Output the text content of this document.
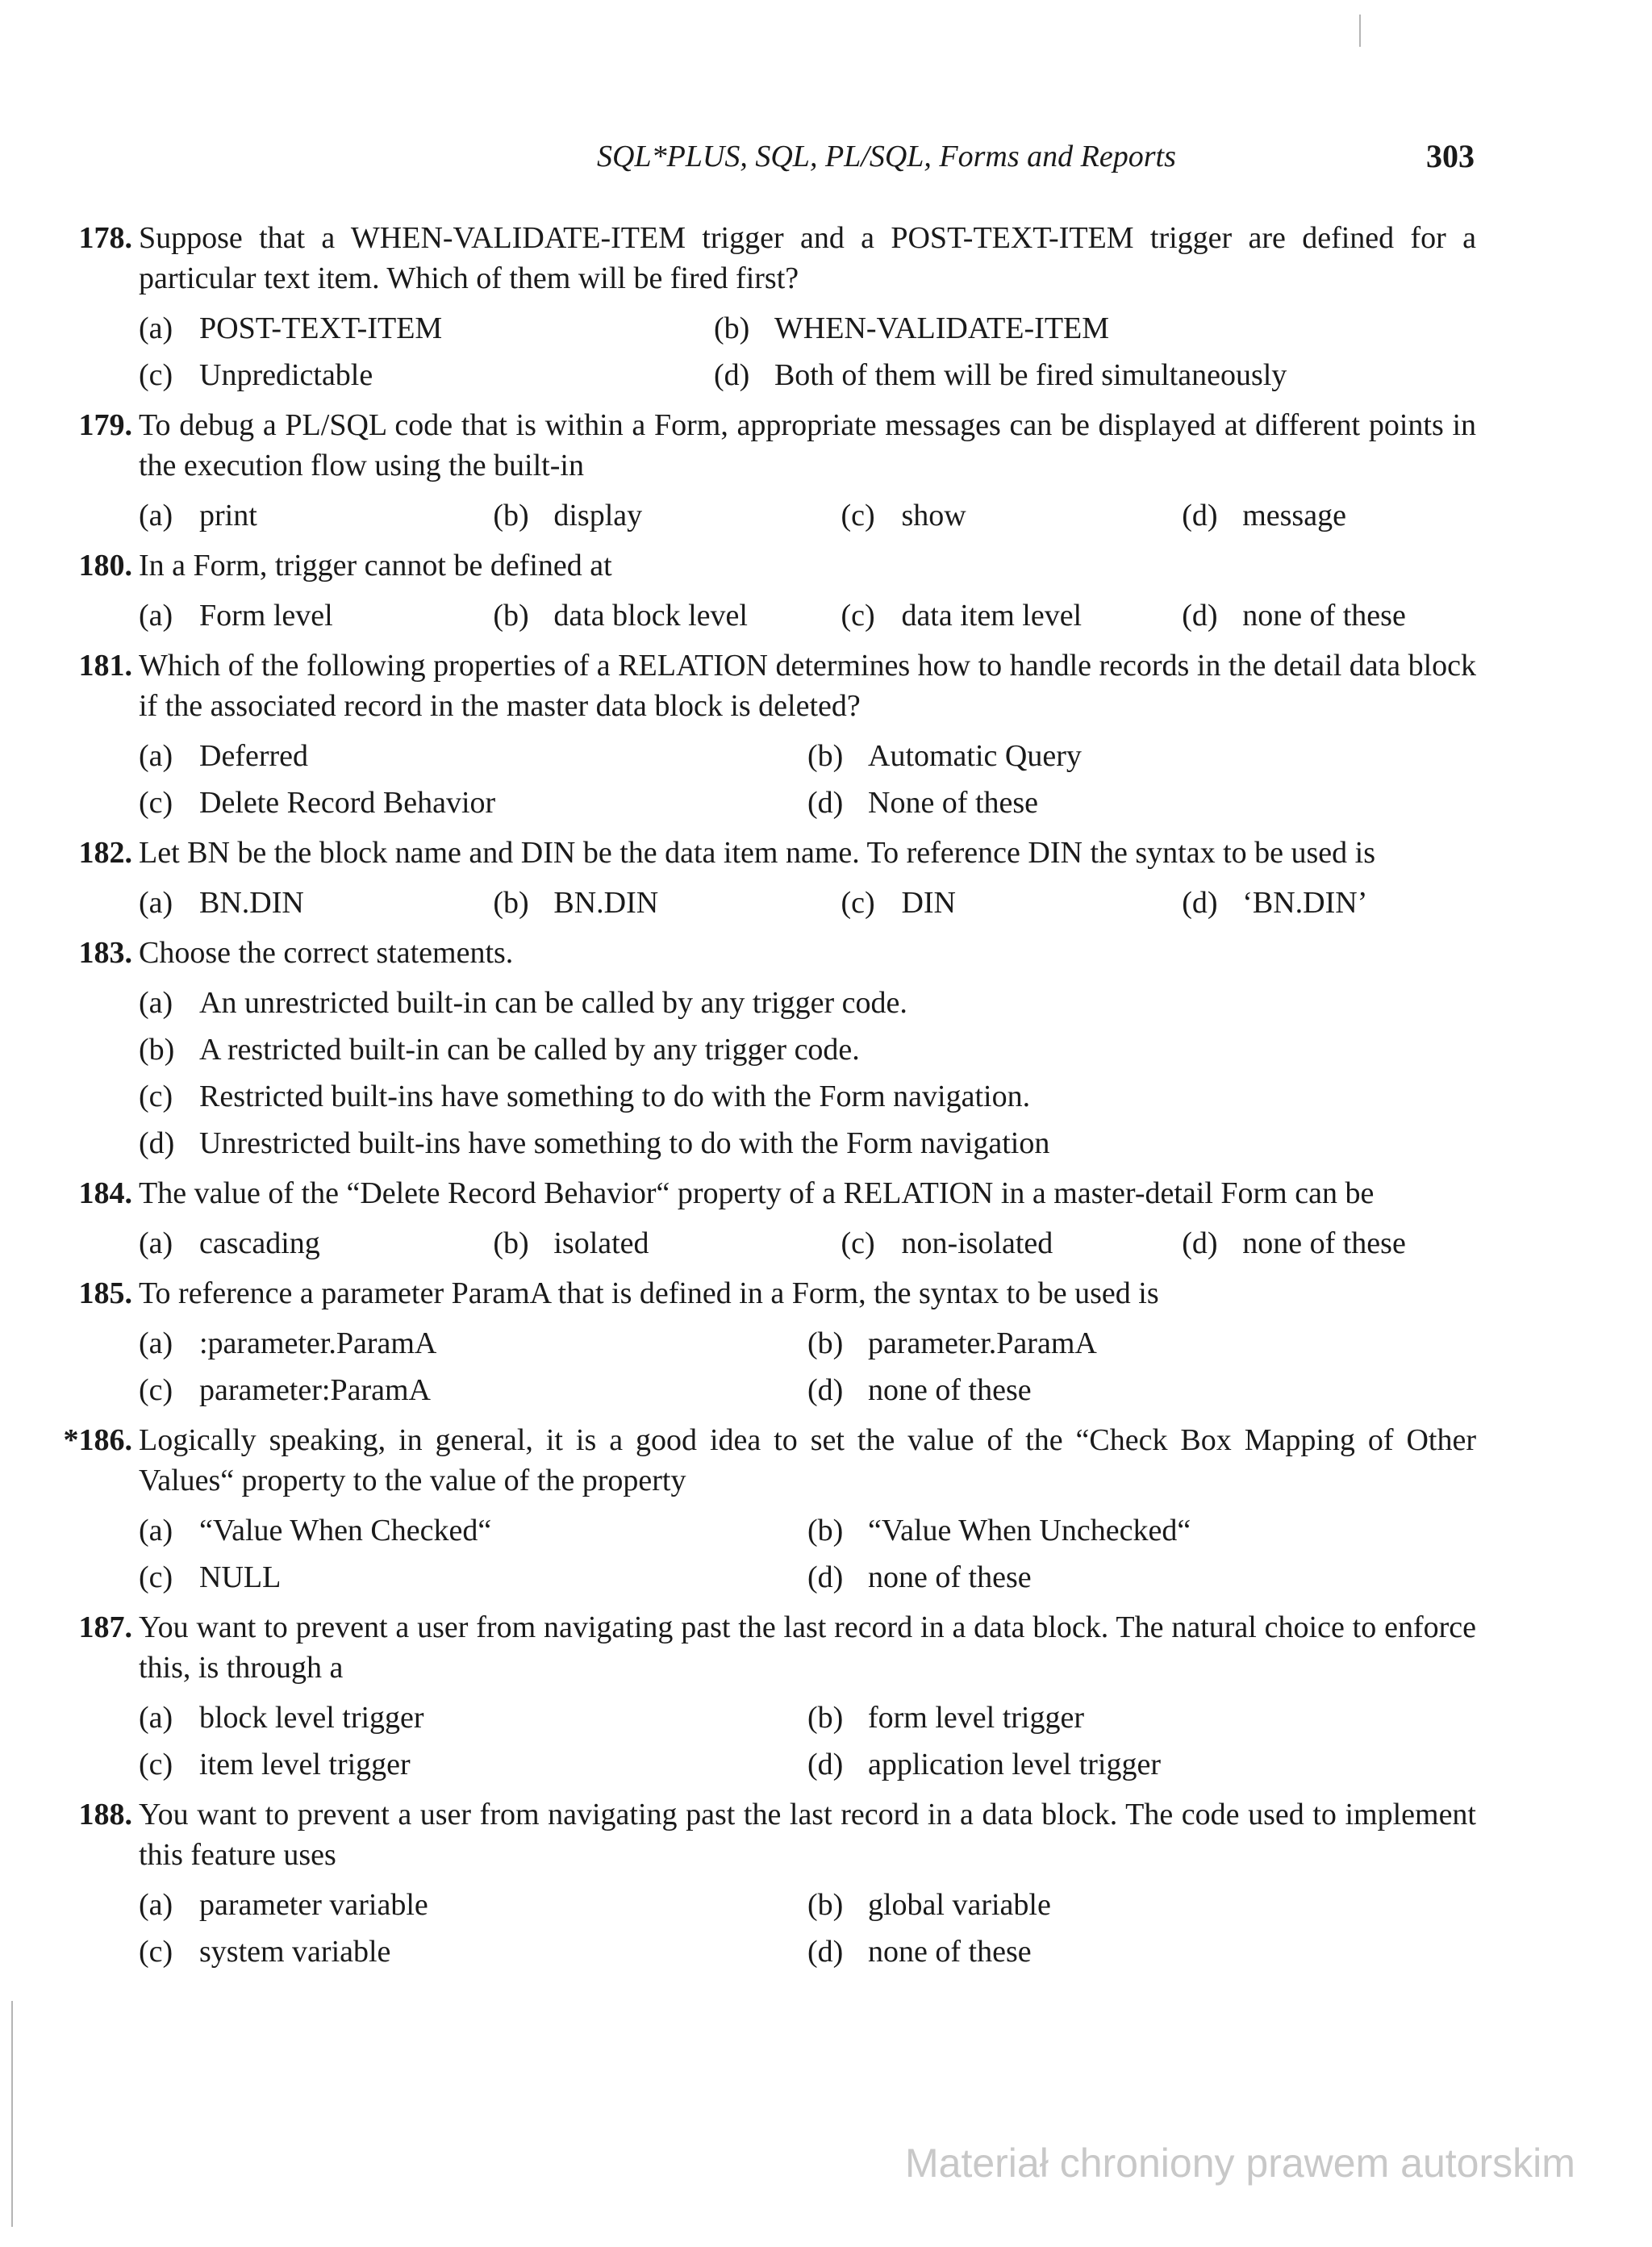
SQL*PLUS, SQL, PL/SQL, Forms and Reports	303
178. Suppose that a WHEN-VALIDATE-ITEM trigger and a POST-TEXT-ITEM trigger are defined for a particular text item. Which of them will be fired first?
(a) POST-TEXT-ITEM	(b) WHEN-VALIDATE-ITEM
(c) Unpredictable	(d) Both of them will be fired simultaneously
179. To debug a PL/SQL code that is within a Form, appropriate messages can be displayed at different points in the execution flow using the built-in
(a) print	(b) display	(c) show	(d) message
180. In a Form, trigger cannot be defined at
(a) Form level	(b) data block level	(c) data item level	(d) none of these
181. Which of the following properties of a RELATION determines how to handle records in the detail data block if the associated record in the master data block is deleted?
(a) Deferred	(b) Automatic Query
(c) Delete Record Behavior	(d) None of these
182. Let BN be the block name and DIN be the data item name. To reference DIN the syntax to be used is
(a) BN.DIN	(b) BN.DIN	(c) DIN	(d) ‘BN.DIN’
183. Choose the correct statements.
(a) An unrestricted built-in can be called by any trigger code.
(b) A restricted built-in can be called by any trigger code.
(c) Restricted built-ins have something to do with the Form navigation.
(d) Unrestricted built-ins have something to do with the Form navigation
184. The value of the “Delete Record Behavior“ property of a RELATION in a master-detail Form can be
(a) cascading	(b) isolated	(c) non-isolated	(d) none of these
185. To reference a parameter ParamA that is defined in a Form, the syntax to be used is
(a) :parameter.ParamA	(b) parameter.ParamA
(c) parameter:ParamA	(d) none of these
*186. Logically speaking, in general, it is a good idea to set the value of the “Check Box Mapping of Other Values“ property to the value of the property
(a) “Value When Checked“	(b) “Value When Unchecked“
(c) NULL	(d) none of these
187. You want to prevent a user from navigating past the last record in a data block. The natural choice to enforce this, is through a
(a) block level trigger	(b) form level trigger
(c) item level trigger	(d) application level trigger
188. You want to prevent a user from navigating past the last record in a data block. The code used to implement this feature uses
(a) parameter variable	(b) global variable
(c) system variable	(d) none of these
Materiał chroniony prawem autorskim
